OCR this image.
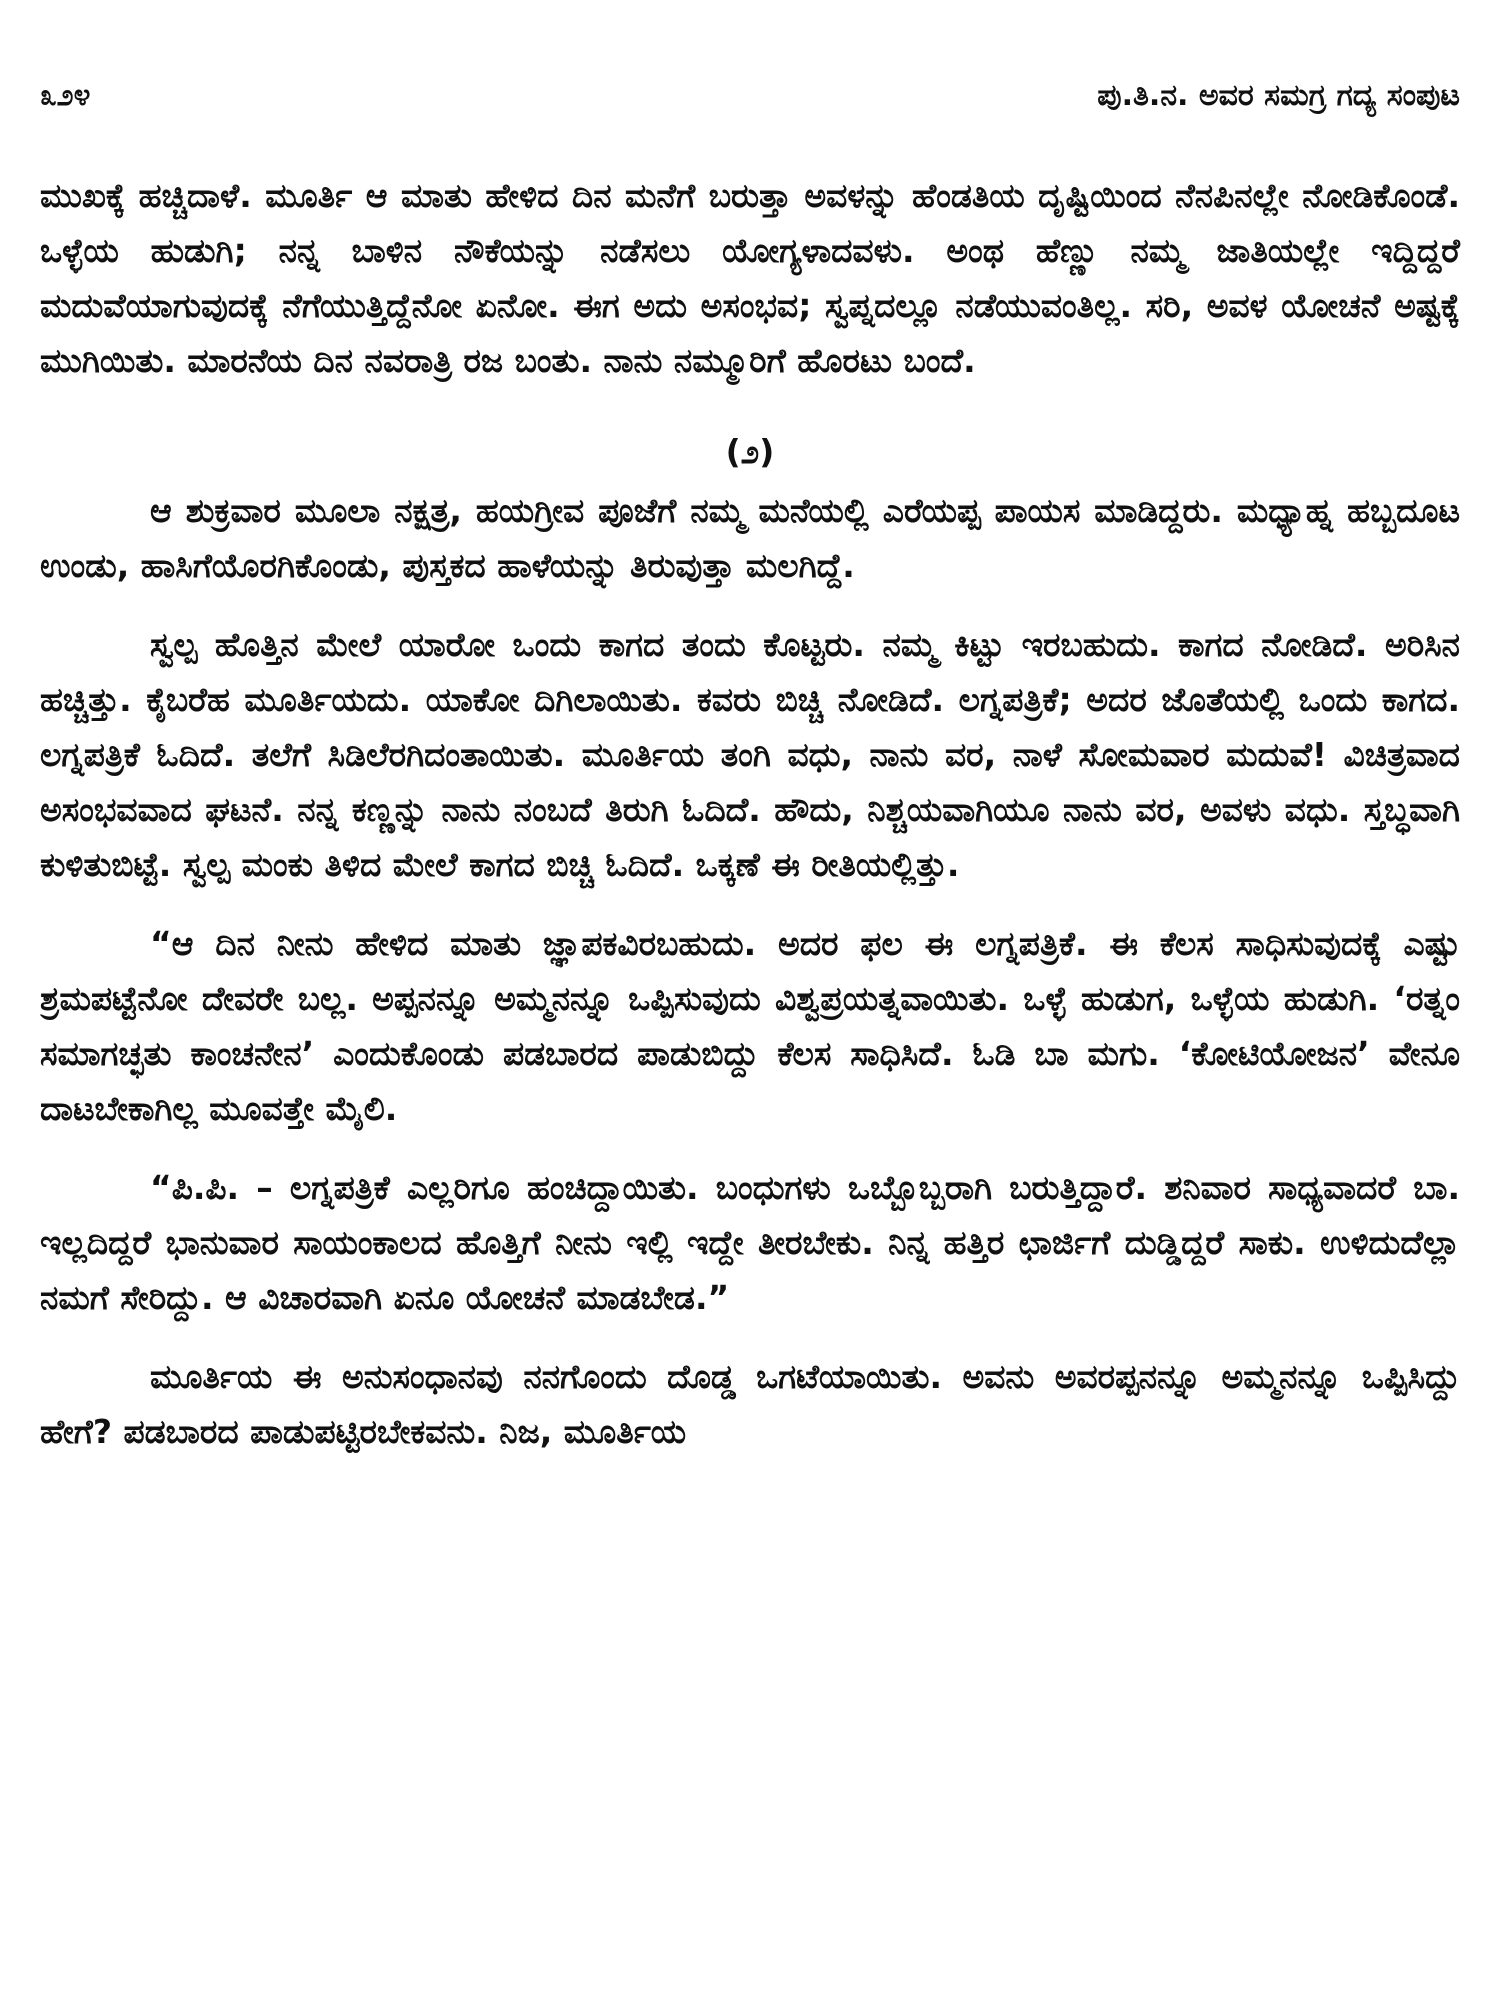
೩೨೪	ಪು.ತಿ.ನ. ಅವರ ಸಮಗ್ರ ಗದ್ಯ ಸಂಪುಟ

ಮುಖಕ್ಕೆ ಹಚ್ಚಿದಾಳೆ. ಮೂರ್ತಿ ಆ ಮಾತು ಹೇಳಿದ ದಿನ ಮನೆಗೆ ಬರುತ್ತಾ ಅವಳನ್ನು ಹೆಂಡತಿಯ ದೃಷ್ಟಿಯಿಂದ ನೆನಪಿನಲ್ಲೇ ನೋಡಿಕೊಂಡೆ. ಒಳ್ಳೆಯ ಹುಡುಗಿ; ನನ್ನ ಬಾಳಿನ ನೌಕೆಯನ್ನು ನಡೆಸಲು ಯೋಗ್ಯಳಾದವಳು. ಅಂಥ ಹೆಣ್ಣು ನಮ್ಮ ಜಾತಿಯಲ್ಲೇ ಇದ್ದಿದ್ದರೆ ಮದುವೆಯಾಗುವುದಕ್ಕೆ ನೆಗೆಯುತ್ತಿದ್ದೆನೋ ಏನೋ. ಈಗ ಅದು ಅಸಂಭವ; ಸ್ವಪ್ನದಲ್ಲೂ ನಡೆಯುವಂತಿಲ್ಲ. ಸರಿ, ಅವಳ ಯೋಚನೆ ಅಷ್ಟಕ್ಕೆ ಮುಗಿಯಿತು. ಮಾರನೆಯ ದಿನ ನವರಾತ್ರಿ ರಜ ಬಂತು. ನಾನು ನಮ್ಮೂರಿಗೆ ಹೊರಟು ಬಂದೆ.

(೨)

ಆ ಶುಕ್ರವಾರ ಮೂಲಾ ನಕ್ಷತ್ರ, ಹಯಗ್ರೀವ ಪೂಜೆಗೆ ನಮ್ಮ ಮನೆಯಲ್ಲಿ ಎರೆಯಪ್ಪ ಪಾಯಸ ಮಾಡಿದ್ದರು. ಮಧ್ಯಾಹ್ನ ಹಬ್ಬದೂಟ ಉಂಡು, ಹಾಸಿಗೆಯೊರಗಿಕೊಂಡು, ಪುಸ್ತಕದ ಹಾಳೆಯನ್ನು ತಿರುವುತ್ತಾ ಮಲಗಿದ್ದೆ.

ಸ್ವಲ್ಪ ಹೊತ್ತಿನ ಮೇಲೆ ಯಾರೋ ಒಂದು ಕಾಗದ ತಂದು ಕೊಟ್ಟರು. ನಮ್ಮ ಕಿಟ್ಟು ಇರಬಹುದು. ಕಾಗದ ನೋಡಿದೆ. ಅರಿಸಿನ ಹಚ್ಚಿತ್ತು. ಕೈಬರೆಹ ಮೂರ್ತಿಯದು. ಯಾಕೋ ದಿಗಿಲಾಯಿತು. ಕವರು ಬಿಚ್ಚಿ ನೋಡಿದೆ. ಲಗ್ನಪತ್ರಿಕೆ; ಅದರ ಜೊತೆಯಲ್ಲಿ ಒಂದು ಕಾಗದ. ಲಗ್ನಪತ್ರಿಕೆ ಓದಿದೆ. ತಲೆಗೆ ಸಿಡಿಲೆರಗಿದಂತಾಯಿತು. ಮೂರ್ತಿಯ ತಂಗಿ ವಧು, ನಾನು ವರ, ನಾಳೆ ಸೋಮವಾರ ಮದುವೆ! ವಿಚಿತ್ರವಾದ ಅಸಂಭವವಾದ ಘಟನೆ. ನನ್ನ ಕಣ್ಣನ್ನು ನಾನು ನಂಬದೆ ತಿರುಗಿ ಓದಿದೆ. ಹೌದು, ನಿಶ್ಚಯವಾಗಿಯೂ ನಾನು ವರ, ಅವಳು ವಧು. ಸ್ತಬ್ಧವಾಗಿ ಕುಳಿತುಬಿಟ್ಟೆ. ಸ್ವಲ್ಪ ಮಂಕು ತಿಳಿದ ಮೇಲೆ ಕಾಗದ ಬಿಚ್ಚಿ ಓದಿದೆ. ಒಕ್ಕಣೆ ಈ ರೀತಿಯಲ್ಲಿತ್ತು.

“ಆ ದಿನ ನೀನು ಹೇಳಿದ ಮಾತು ಜ್ಞಾಪಕವಿರಬಹುದು. ಅದರ ಫಲ ಈ ಲಗ್ನಪತ್ರಿಕೆ. ಈ ಕೆಲಸ ಸಾಧಿಸುವುದಕ್ಕೆ ಎಷ್ಟು ಶ್ರಮಪಟ್ಟೆನೋ ದೇವರೇ ಬಲ್ಲ. ಅಪ್ಪನನ್ನೂ ಅಮ್ಮನನ್ನೂ ಒಪ್ಪಿಸುವುದು ವಿಶ್ವಪ್ರಯತ್ನವಾಯಿತು. ಒಳ್ಳೆ ಹುಡುಗ, ಒಳ್ಳೆಯ ಹುಡುಗಿ. ‘ರತ್ನಂ ಸಮಾಗಚ್ಛತು ಕಾಂಚನೇನ’ ಎಂದುಕೊಂಡು ಪಡಬಾರದ ಪಾಡುಬಿದ್ದು ಕೆಲಸ ಸಾಧಿಸಿದೆ. ಓಡಿ ಬಾ ಮಗು. ‘ಕೋಟಿಯೋಜನ’ ವೇನೂ ದಾಟಬೇಕಾಗಿಲ್ಲ ಮೂವತ್ತೇ ಮೈಲಿ.

“ಪಿ.ಪಿ. – ಲಗ್ನಪತ್ರಿಕೆ ಎಲ್ಲರಿಗೂ ಹಂಚಿದ್ದಾಯಿತು. ಬಂಧುಗಳು ಒಬ್ಬೊಬ್ಬರಾಗಿ ಬರುತ್ತಿದ್ದಾರೆ. ಶನಿವಾರ ಸಾಧ್ಯವಾದರೆ ಬಾ. ಇಲ್ಲದಿದ್ದರೆ ಭಾನುವಾರ ಸಾಯಂಕಾಲದ ಹೊತ್ತಿಗೆ ನೀನು ಇಲ್ಲಿ ಇದ್ದೇ ತೀರಬೇಕು. ನಿನ್ನ ಹತ್ತಿರ ಛಾರ್ಜಿಗೆ ದುಡ್ಡಿದ್ದರೆ ಸಾಕು. ಉಳಿದುದೆಲ್ಲಾ ನಮಗೆ ಸೇರಿದ್ದು. ಆ ವಿಚಾರವಾಗಿ ಏನೂ ಯೋಚನೆ ಮಾಡಬೇಡ.”

ಮೂರ್ತಿಯ ಈ ಅನುಸಂಧಾನವು ನನಗೊಂದು ದೊಡ್ಡ ಒಗಟೆಯಾಯಿತು. ಅವನು ಅವರಪ್ಪನನ್ನೂ ಅಮ್ಮನನ್ನೂ ಒಪ್ಪಿಸಿದ್ದು ಹೇಗೆ? ಪಡಬಾರದ ಪಾಡುಪಟ್ಟಿರಬೇಕವನು. ನಿಜ, ಮೂರ್ತಿಯ
